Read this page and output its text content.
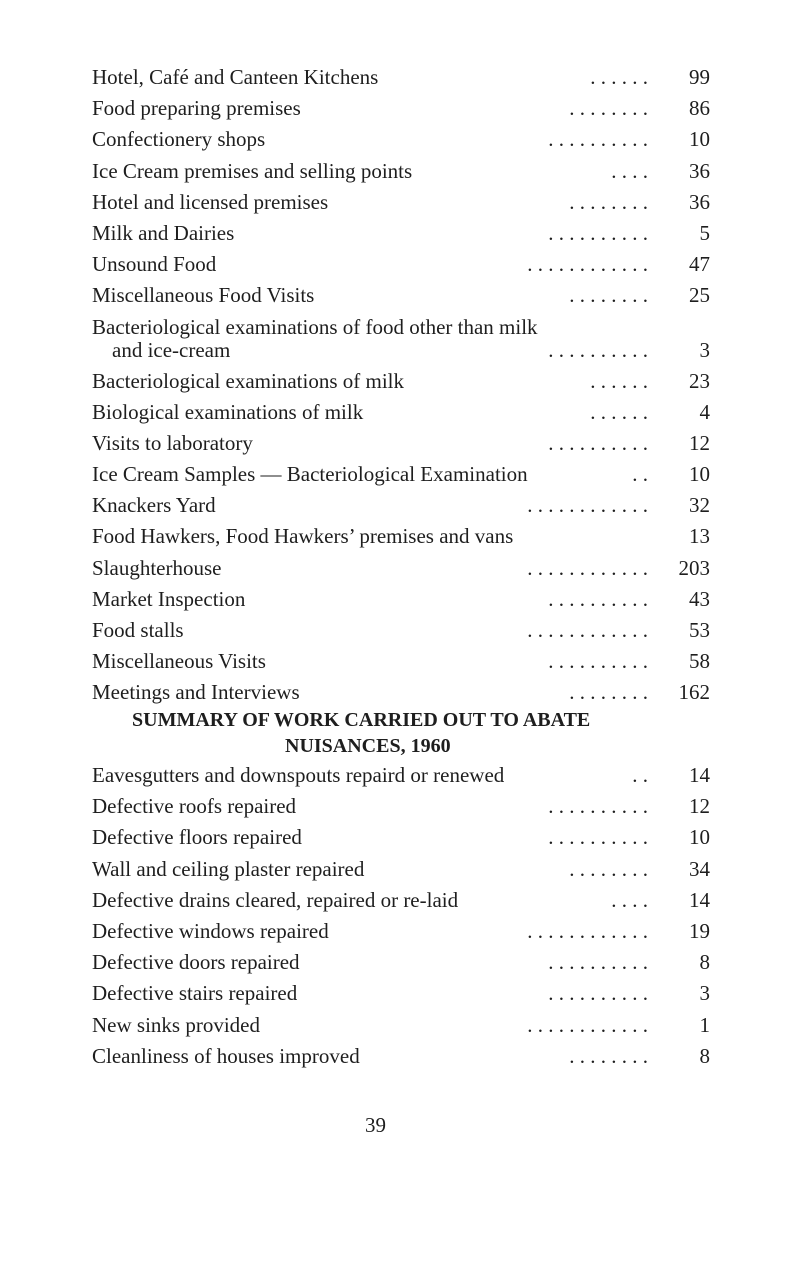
Hotel, Café and Canteen Kitchens	. . . . . . 99
Food preparing premises	. . . . . . . . 86
Confectionery shops	. . . . . . . . . . 10
Ice Cream premises and selling points	. . . . 36
Hotel and licensed premises	. . . . . . . . 36
Milk and Dairies	. . . . . . . . . . 5
Unsound Food	. . . . . . . . . . . . 47
Miscellaneous Food Visits	. . . . . . . . 25
Bacteriological examinations of food other than milk
and ice-cream	. . . . . . . . . . 3
Bacteriological examinations of milk	. . . . . . 23
Biological examinations of milk	. . . . . . 4
Visits to laboratory	. . . . . . . . . . 12
Ice Cream Samples — Bacteriological Examination	. . 10
Knackers Yard	. . . . . . . . . . . . 32
Food Hawkers, Food Hawkers’ premises and vans	13
Slaughterhouse	. . . . . . . . . . . . 203
Market Inspection	. . . . . . . . . . 43
Food stalls	. . . . . . . . . . . . 53
Miscellaneous Visits	. . . . . . . . . . 58
Meetings and Interviews	. . . . . . . . 162
SUMMARY OF WORK CARRIED OUT TO ABATE
NUISANCES, 1960
Eavesgutters and downspouts repaird or renewed	. . 14
Defective roofs repaired	. . . . . . . . . . 12
Defective floors repaired	. . . . . . . . . . 10
Wall and ceiling plaster repaired	. . . . . . . . 34
Defective drains cleared, repaired or re-laid	. . . . 14
Defective windows repaired	. . . . . . . . . . . . 19
Defective doors repaired	. . . . . . . . . . 8
Defective stairs repaired	. . . . . . . . . . 3
New sinks provided	. . . . . . . . . . . . 1
Cleanliness of houses improved	. . . . . . . . 8
39
